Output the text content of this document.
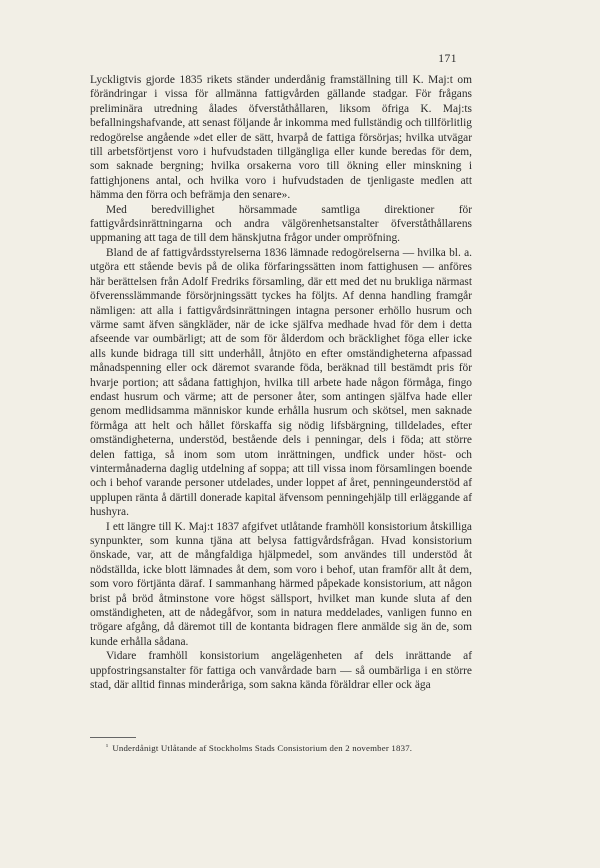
171

Lyckligtvis gjorde 1835 rikets ständer underdånig framställning till K. Maj:t om förändringar i vissa för allmänna fattigvården gällande stadgar. För frågans preliminära utredning ålades öfverståthållaren, liksom öfriga K. Maj:ts befallningshafvande, att senast följande år inkomma med fullständig och tillförlitlig redogörelse angående »det eller de sätt, hvarpå de fattiga försörjas; hvilka utvägar till arbetsförtjenst voro i hufvudstaden tillgängliga eller kunde beredas för dem, som saknade bergning; hvilka orsakerna voro till ökning eller minskning i fattighjonens antal, och hvilka voro i hufvudstaden de tjenligaste medlen att hämma den förra och befrämja den senare».

Med beredvillighet hörsammade samtliga direktioner för fattigvårdsinrättningarna och andra välgörenhetsanstalter öfverståthållarens uppmaning att taga de till dem hänskjutna frågor under ompröfning.

Bland de af fattigvårdsstyrelserna 1836 lämnade redogörelserna — hvilka bl. a. utgöra ett stående bevis på de olika förfaringssätten inom fattighusen — anföres här berättelsen från Adolf Fredriks församling, där ett med det nu brukliga närmast öfverensslämmande försörjningssätt tyckes ha följts. Af denna handling framgår nämligen: att alla i fattigvårdsinrättningen intagna personer erhöllo husrum och värme samt äfven sängkläder, när de icke själfva medhade hvad för dem i detta afseende var oumbärligt; att de som för ålderdom och bräcklighet föga eller icke alls kunde bidraga till sitt underhåll, åtnjöto en efter omständigheterna afpassad månadspenning eller ock däremot svarande föda, beräknad till bestämdt pris för hvarje portion; att sådana fattighjon, hvilka till arbete hade någon förmåga, fingo endast husrum och värme; att de personer åter, som antingen själfva hade eller genom medlidsamma människor kunde erhålla husrum och skötsel, men saknade förmåga att helt och hållet förskaffa sig nödig lifsbärgning, tilldelades, efter omständigheterna, understöd, bestående dels i penningar, dels i föda; att större delen fattiga, så inom som utom inrättningen, undfick under höst- och vintermånaderna daglig utdelning af soppa; att till vissa inom församlingen boende och i behof varande personer utdelades, under loppet af året, penningeunderstöd af upplupen ränta å därtill donerade kapital äfvensom penningehjälp till erläggande af hushyra.

I ett längre till K. Maj:t 1837 afgifvet utlåtande framhöll konsistorium åtskilliga synpunkter, som kunna tjäna att belysa fattigvårdsfrågan. Hvad konsistorium önskade, var, att de mångfaldiga hjälpmedel, som användes till understöd åt nödställda, icke blott lämnades åt dem, som voro i behof, utan framför allt åt dem, som voro förtjänta däraf. I sammanhang härmed påpekade konsistorium, att någon brist på bröd åtminstone vore högst sällsport, hvilket man kunde sluta af den omständigheten, att de nådegåfvor, som in natura meddelades, vanligen funno en trögare afgång, då däremot till de kontanta bidragen flere anmälde sig än de, som kunde erhålla sådana.

Vidare framhöll konsistorium angelägenheten af dels inrättande af uppfostringsanstalter för fattiga och vanvårdade barn — så oumbärliga i en större stad, där alltid finnas minderåriga, som sakna kända föräldrar eller ock äga

$^{^1}$ Underdånigt Utlåtande af Stockholms Stads Consistorium den 2 november 1837.
